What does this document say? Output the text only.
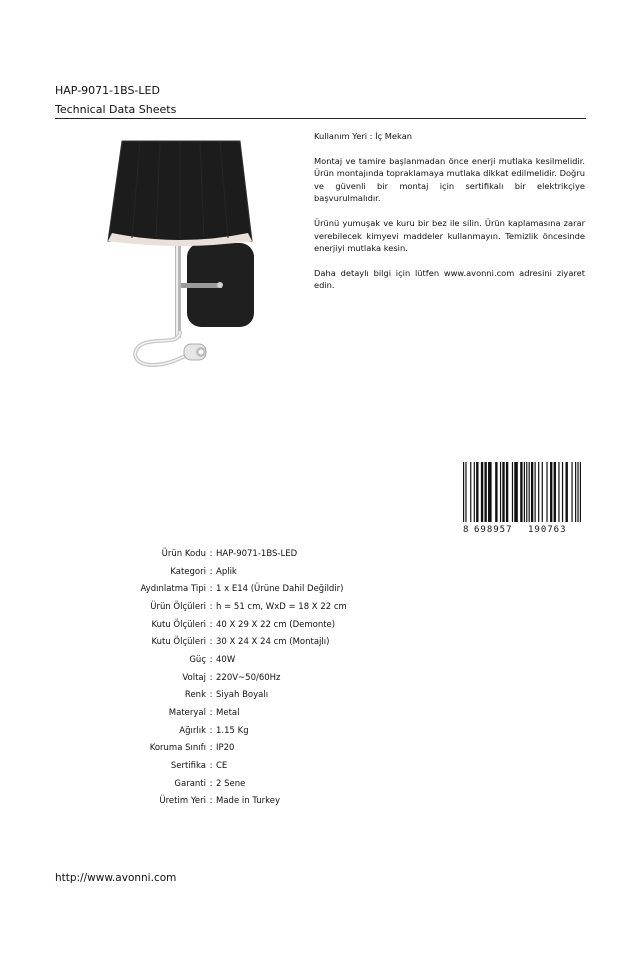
HAP-9071-1BS-LED
Technical Data Sheets

Kullanım Yeri : İç Mekan

Montaj ve tamire başlanmadan önce enerji mutlaka kesilmelidir. Ürün montajında topraklamaya mutlaka dikkat edilmelidir. Doğru ve güvenli bir montaj için sertifikalı bir elektrikçiye başvurulmalıdır.

Ürünü yumuşak ve kuru bir bez ile silin. Ürün kaplamasına zarar verebilecek kimyevi maddeler kullanmayın. Temizlik öncesinde enerjiyi mutlaka kesin.

Daha detaylı bilgi için lütfen www.avonni.com adresini ziyaret edin.

8 698957 190763
Ürün Kodu : HAP-9071-1BS-LED
Kategori : Aplik
Aydınlatma Tipi : 1 x E14 (Ürüne Dahil Değildir)
Ürün Ölçüleri : h = 51 cm, WxD = 18 X 22 cm
Kutu Ölçüleri : 40 X 29 X 22 cm (Demonte)
Kutu Ölçüleri : 30 X 24 X 24 cm (Montajlı)
Güç : 40W
Voltaj : 220V~50/60Hz
Renk : Siyah Boyalı
Materyal : Metal
Ağırlık : 1.15 Kg
Koruma Sınıfı : IP20
Sertifika : CE
Garanti : 2 Sene
Üretim Yeri : Made in Turkey
http://www.avonni.com
